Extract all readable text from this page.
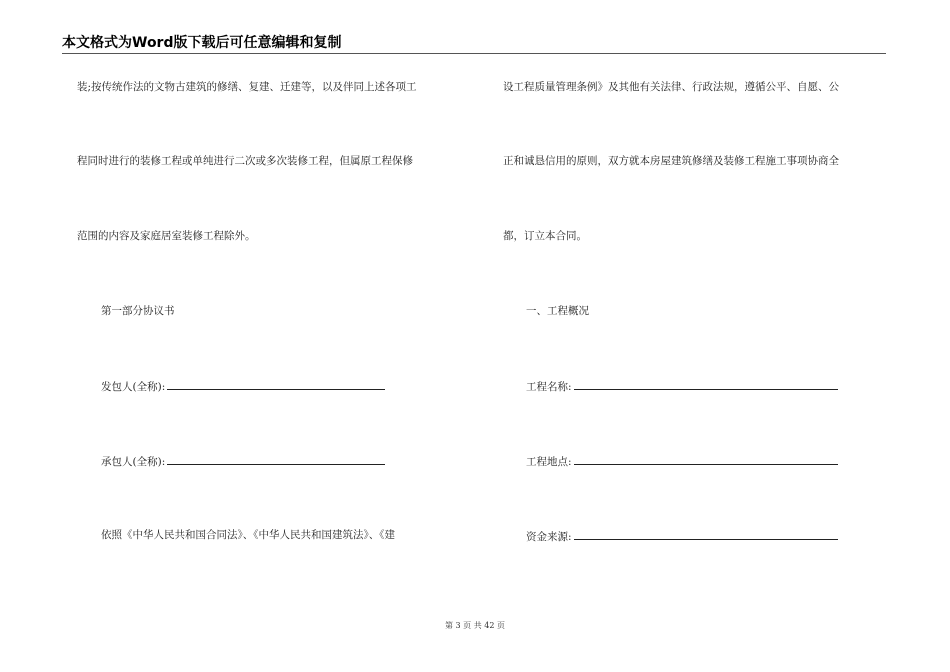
本文格式为Word版下载后可任意编辑和复制
装;按传统作法的文物古建筑的修缮、复建、迁建等，以及伴同上述各项工
程同时进行的装修工程或单纯进行二次或多次装修工程，但属原工程保修
范围的内容及家庭居室装修工程除外。
第一部分协议书
发包人(全称):
承包人(全称):
依照《中华人民共和国合同法》、《中华人民共和国建筑法》、《建
设工程质量管理条例》及其他有关法律、行政法规，遵循公平、自愿、公
正和诚恳信用的原则，双方就本房屋建筑修缮及装修工程施工事项协商全
都，订立本合同。
一、工程概况
工程名称:
工程地点:
资金来源:
第 3 页 共 42 页
